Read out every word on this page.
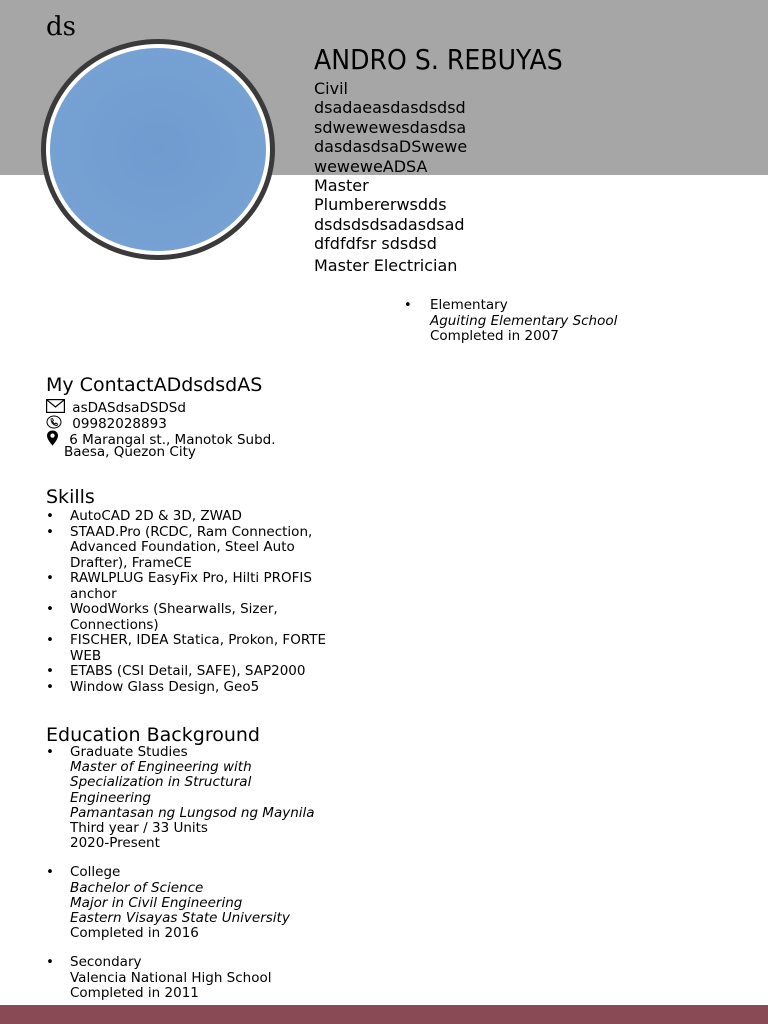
ds
ANDRO S. REBUYAS
Civil
dsadaeasdasdsdsd
sdwewewesdasdsa
dasdasdsaDSwewe
weweweADSA
Master
Plumbererwsdds
dsdsdsdsadasdsad
dfdfdfsr sdsdsd
Master Electrician
• Elementary
Aguiting Elementary School
Completed in 2007
My ContactADdsdsdAS
asDASdsaDSDSd
09982028893
6 Marangal st., Manotok Subd.
Baesa, Quezon City
Skills
• AutoCAD 2D & 3D, ZWAD
• STAAD.Pro (RCDC, Ram Connection, Advanced Foundation, Steel Auto Drafter), FrameCE
• RAWLPLUG EasyFix Pro, Hilti PROFIS anchor
• WoodWorks (Shearwalls, Sizer, Connections)
• FISCHER, IDEA Statica, Prokon, FORTE WEB
• ETABS (CSI Detail, SAFE), SAP2000
• Window Glass Design, Geo5
Education Background
• Graduate Studies
Master of Engineering with
Specialization in Structural
Engineering
Pamantasan ng Lungsod ng Maynila
Third year / 33 Units
2020-Present
• College
Bachelor of Science
Major in Civil Engineering
Eastern Visayas State University
Completed in 2016
• Secondary
Valencia National High School
Completed in 2011
